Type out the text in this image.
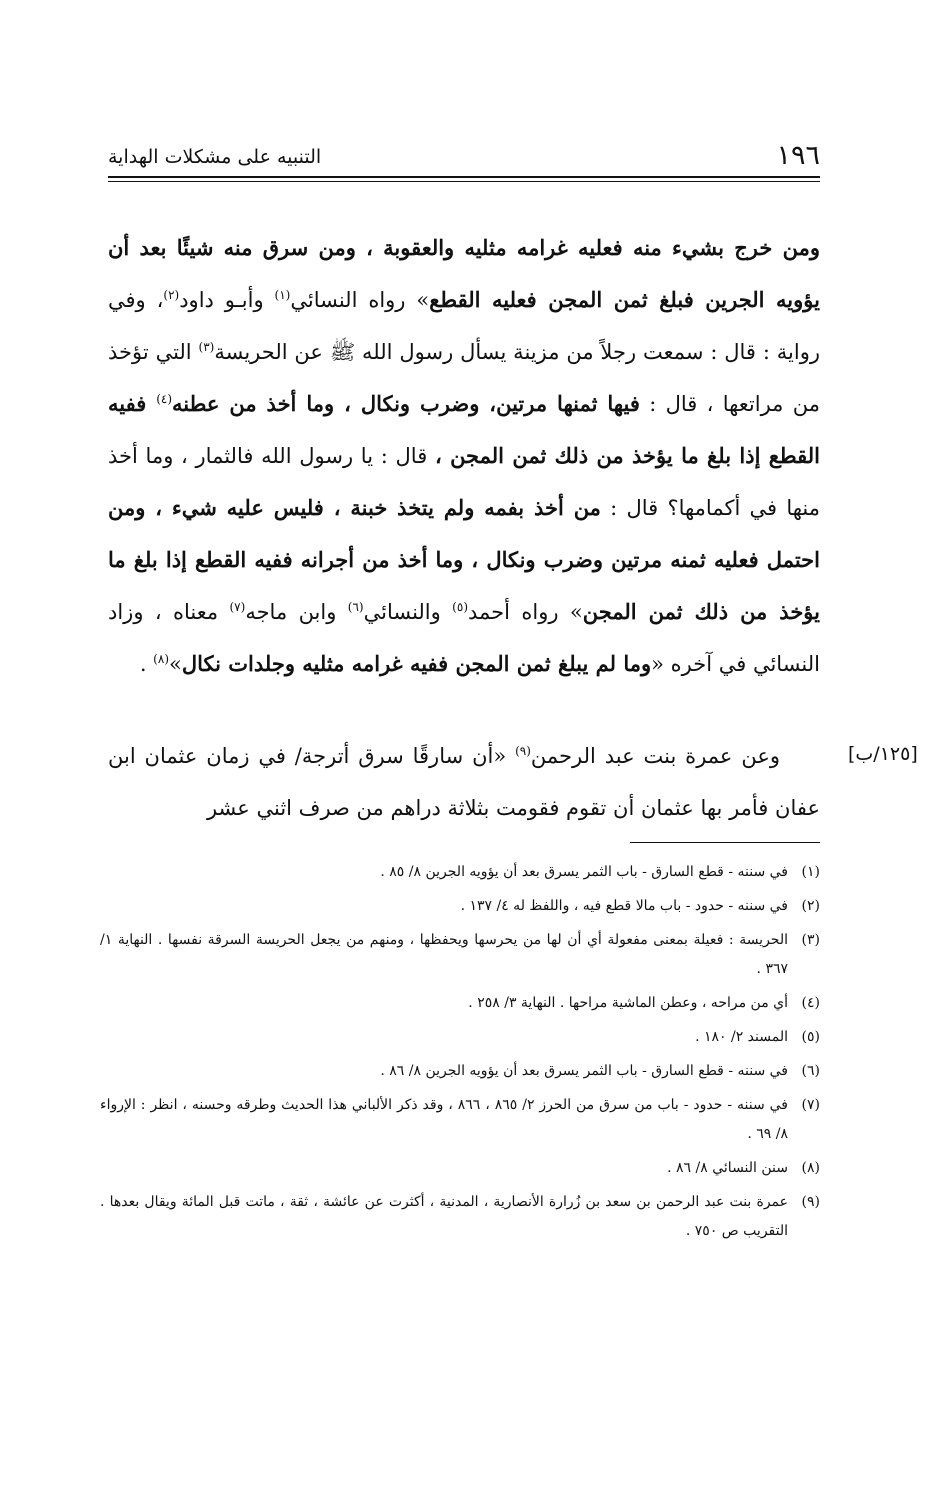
١٩٦
التنبيه على مشكلات الهداية

ومن خرج بشيء منه فعليه غرامه مثليه والعقوبة ، ومن سرق منه شيئًا بعد أن يؤويه الجرين فبلغ ثمن المجن فعليه القطع» رواه النسائي$^{(١)}$ وأبـو داود$^{(٢)}$، وفي رواية : قال : سمعت رجلاً من مزينة يسأل رسول الله ﷺ عن الحريسة$^{(٣)}$ التي تؤخذ من مراتعها ، قال : فيها ثمنها مرتين، وضرب ونكال ، وما أخذ من عطنه$^{(٤)}$ ففيه القطع إذا بلغ ما يؤخذ من ذلك ثمن المجن ، قال : يا رسول الله فالثمار ، وما أخذ منها في أكمامها؟ قال : من أخذ بفمه ولم يتخذ خبنة ، فليس عليه شيء ، ومن احتمل فعليه ثمنه مرتين وضرب ونكال ، وما أخذ من أجرانه ففيه القطع إذا بلغ ما يؤخذ من ذلك ثمن المجن» رواه أحمد$^{(٥)}$ والنسائي$^{(٦)}$ وابن ماجه$^{(٧)}$ معناه ، وزاد النسائي في آخره «وما لم يبلغ ثمن المجن ففيه غرامه مثليه وجلدات نكال»$^{(٨)}$ .

[١٢٥/ب]

وعن عمرة بنت عبد الرحمن$^{(٩)}$ «أن سارقًا سرق أترجة/ في زمان عثمان ابن عفان فأمر بها عثمان أن تقوم فقومت بثلاثة دراهم من صرف اثني عشر

(١)
في سننه - قطع السارق - باب الثمر يسرق بعد أن يؤويه الجرين ٨/ ٨٥ .
(٢)
في سننه - حدود - باب مالا قطع فيه ، واللفظ له ٤/ ١٣٧ .
(٣)
الحريسة : فعيلة بمعنى مفعولة أي أن لها من يحرسها ويحفظها ، ومنهم من يجعل الحريسة السرقة نفسها . النهاية ١/ ٣٦٧ .
(٤)
أي من مراحه ، وعطن الماشية مراحها . النهاية ٣/ ٢٥٨ .
(٥)
المسند ٢/ ١٨٠ .
(٦)
في سننه - قطع السارق - باب الثمر يسرق بعد أن يؤويه الجرين ٨/ ٨٦ .
(٧)
في سننه - حدود - باب من سرق من الحرز ٢/ ٨٦٥ ، ٨٦٦ ، وقد ذكر الألباني هذا الحديث وطرقه وحسنه ، انظر : الإرواء ٨/ ٦٩ .
(٨)
سنن النسائي ٨/ ٨٦ .
(٩)
عمرة بنت عبد الرحمن بن سعد بن زُرارة الأنصارية ، المدنية ، أكثرت عن عائشة ، ثقة ، ماتت قبل المائة ويقال بعدها . التقريب ص ٧٥٠ .
